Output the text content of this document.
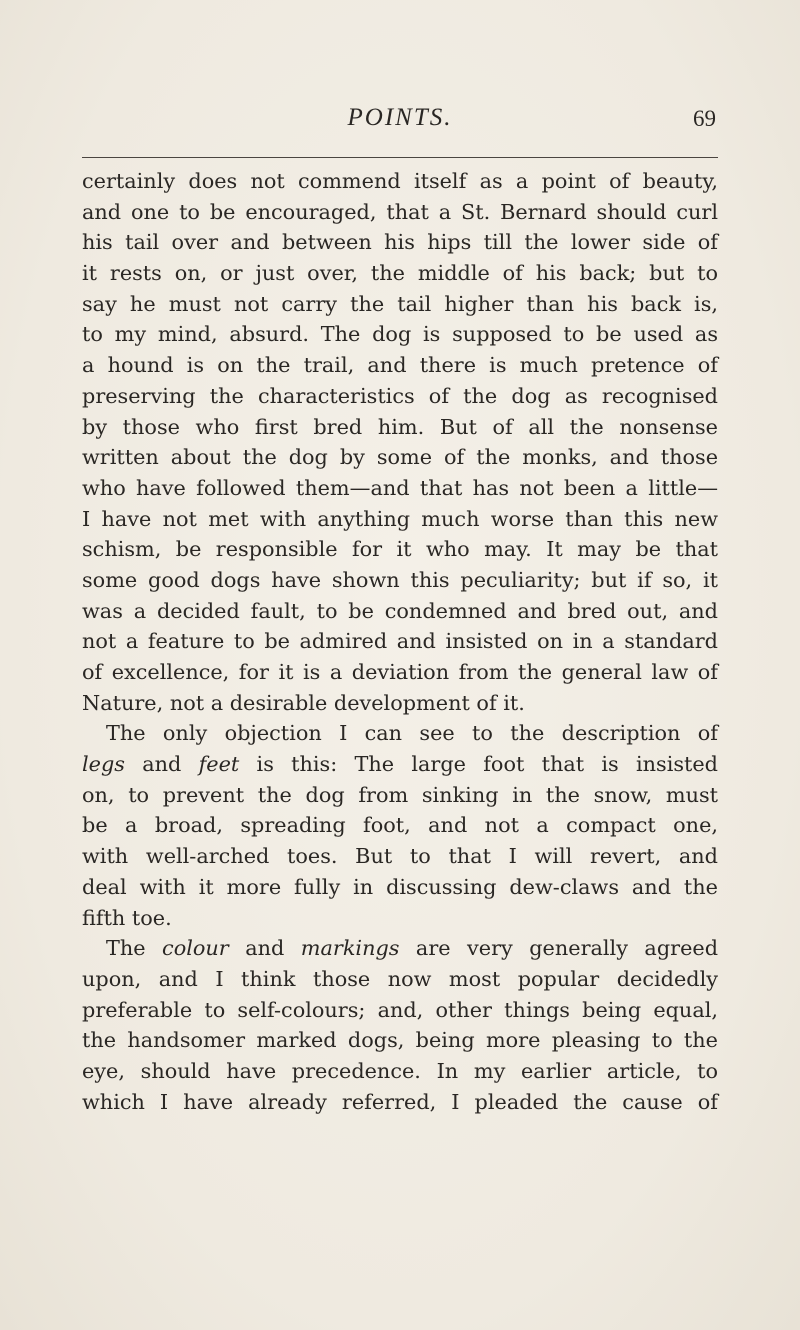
POINTS.	69
certainly does not commend itself as a point of beauty,
and one to be encouraged, that a St. Bernard should curl
his tail over and between his hips till the lower side of
it rests on, or just over, the middle of his back; but to
say he must not carry the tail higher than his back is,
to my mind, absurd. The dog is supposed to be used as
a hound is on the trail, and there is much pretence of
preserving the characteristics of the dog as recognised
by those who first bred him. But of all the nonsense
written about the dog by some of the monks, and those
who have followed them—and that has not been a little—
I have not met with anything much worse than this new
schism, be responsible for it who may. It may be that
some good dogs have shown this peculiarity; but if so, it
was a decided fault, to be condemned and bred out, and
not a feature to be admired and insisted on in a standard
of excellence, for it is a deviation from the general law of
Nature, not a desirable development of it.
The only objection I can see to the description of
legs and feet is this: The large foot that is insisted
on, to prevent the dog from sinking in the snow, must
be a broad, spreading foot, and not a compact one,
with well-arched toes. But to that I will revert, and
deal with it more fully in discussing dew-claws and the
fifth toe.
The colour and markings are very generally agreed
upon, and I think those now most popular decidedly
preferable to self-colours; and, other things being equal,
the handsomer marked dogs, being more pleasing to the
eye, should have precedence. In my earlier article, to
which I have already referred, I pleaded the cause of
